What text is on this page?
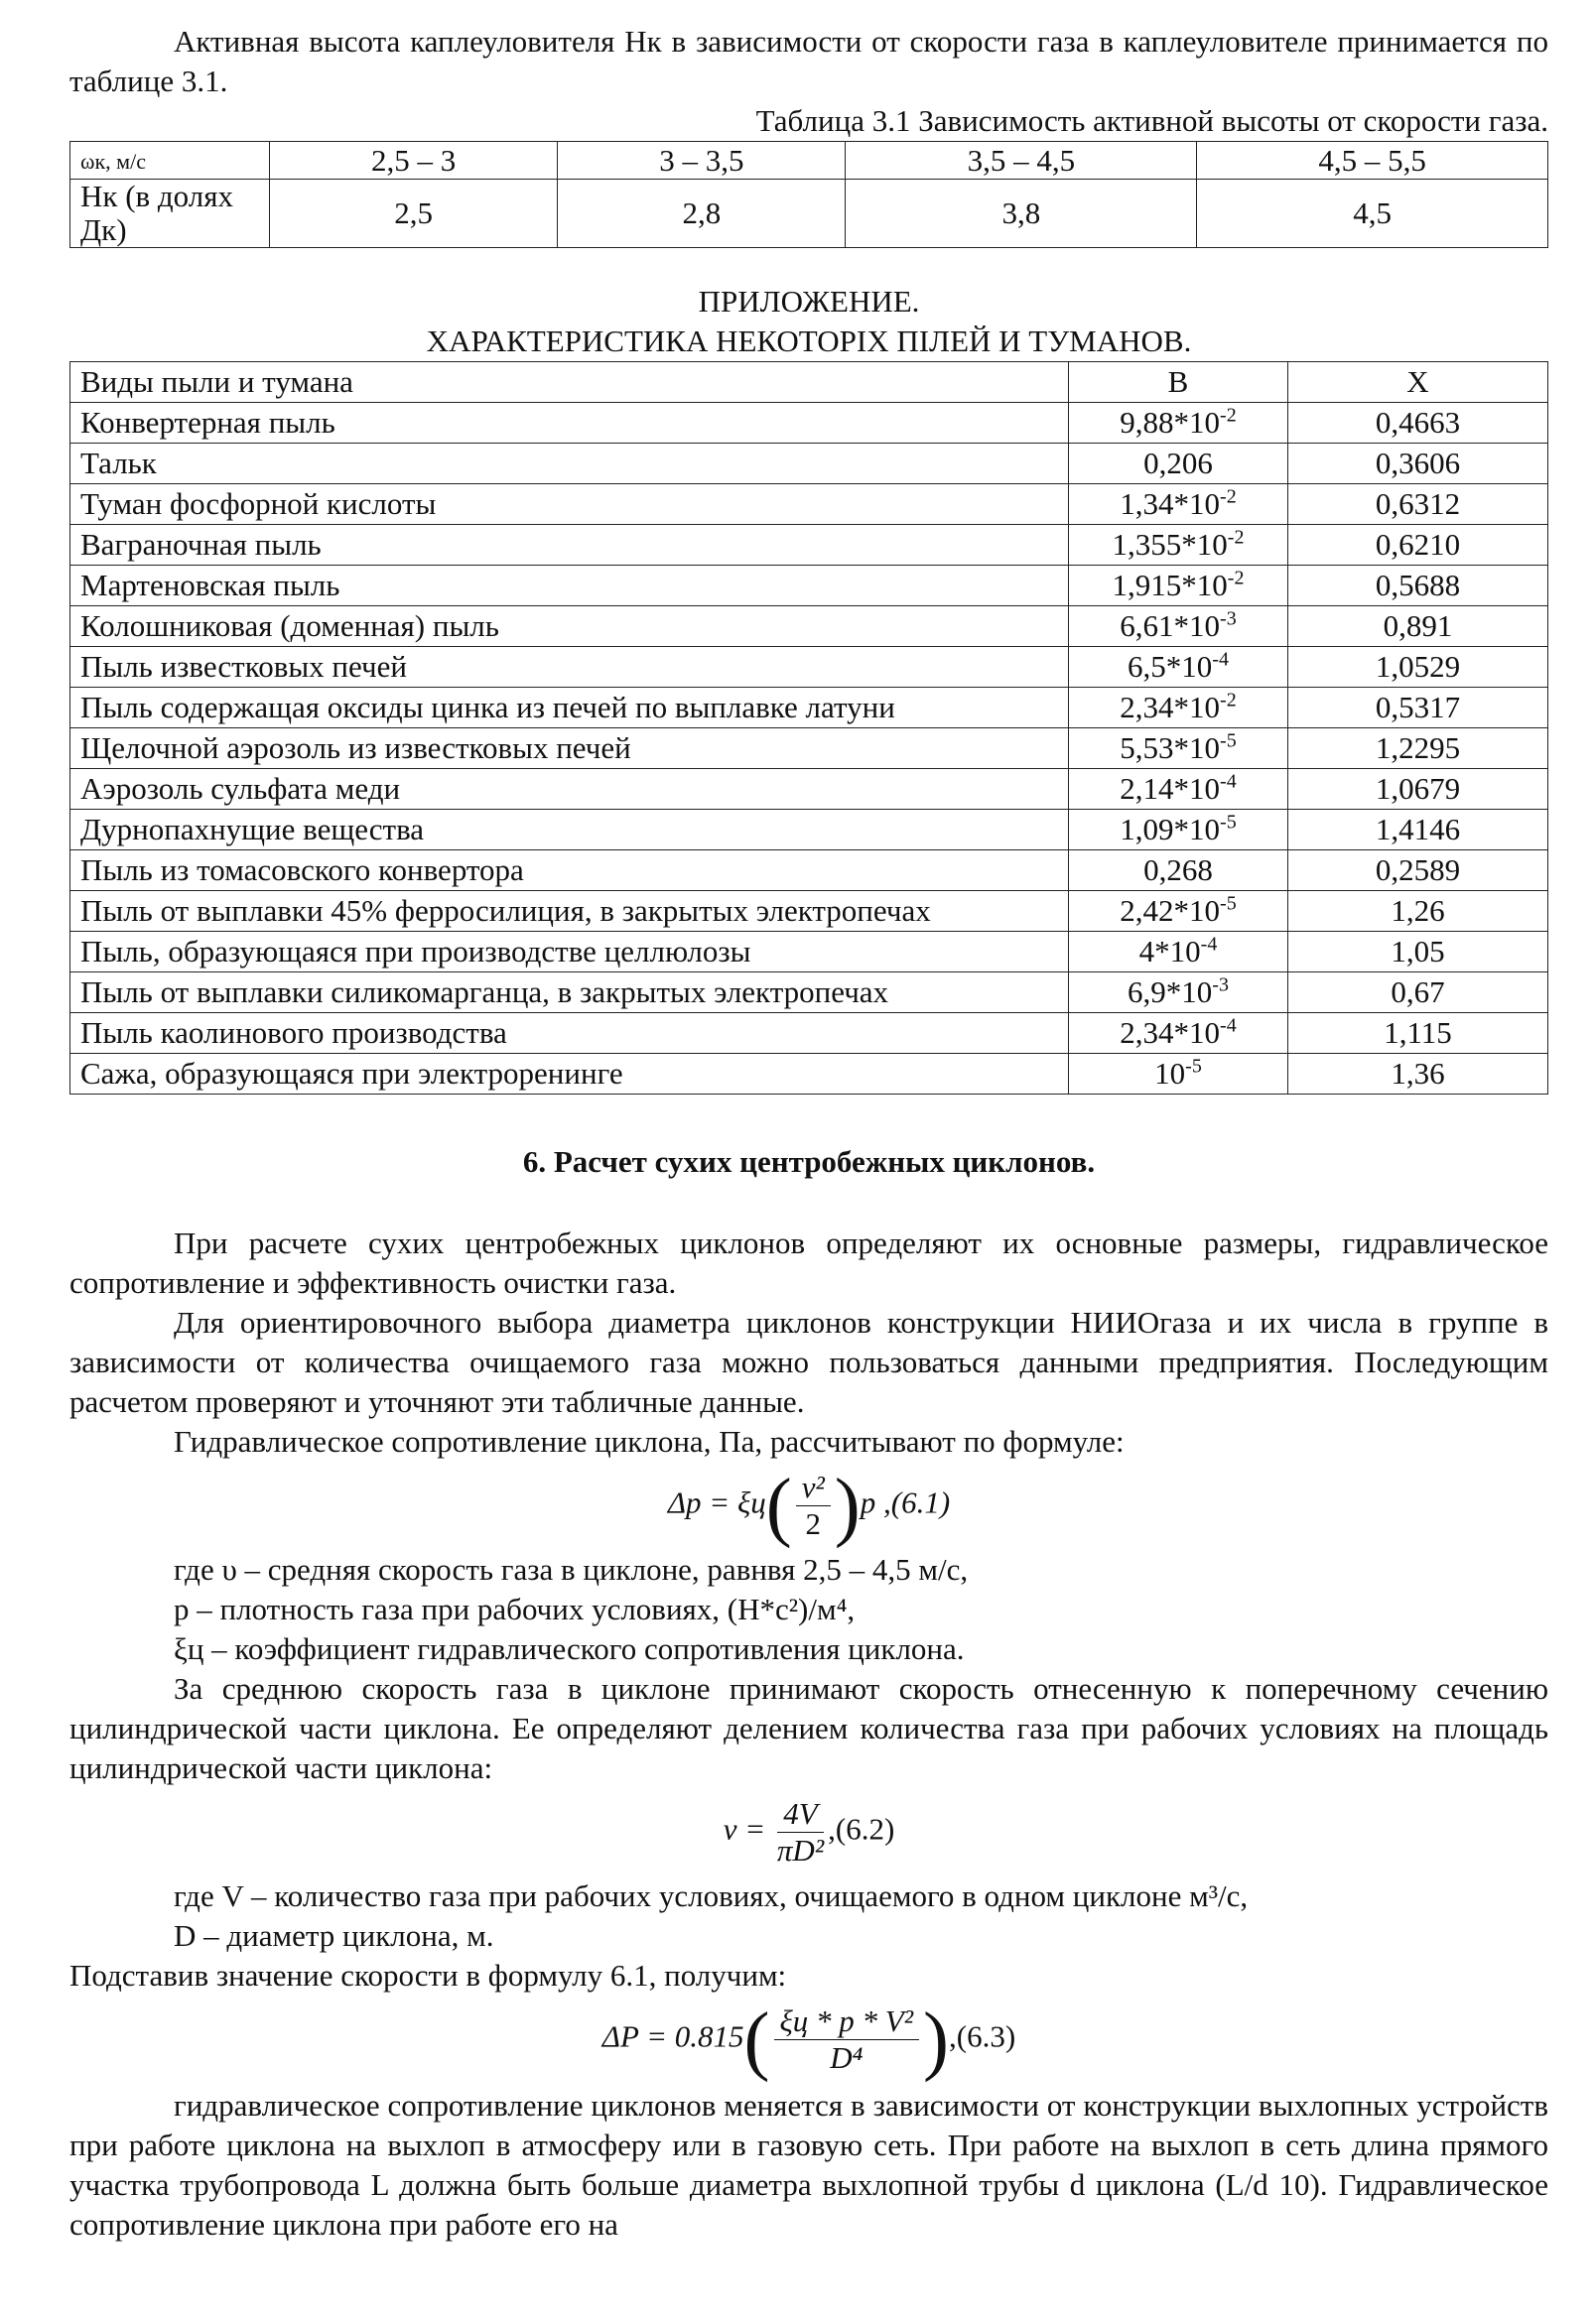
Активная высота каплеуловителя Нк в зависимости от скорости газа в каплеуловителе принимается по таблице 3.1.

Таблица 3.1 Зависимость активной высоты от скорости газа.

ωк, м/с	2,5 – 3	3 – 3,5	3,5 – 4,5	4,5 – 5,5
Нк (в долях Дк)	2,5	2,8	3,8	4,5

ПРИЛОЖЕНИЕ.

ХАРАКТЕРИСТИКА НЕКОТОРІХ ПІЛЕЙ И ТУМАНОВ.

Виды пыли и тумана	В	Х
Конвертерная пыль	$9,88*10^{-2}$	0,4663
Тальк	0,206	0,3606
Туман фосфорной кислоты	$1,34*10^{-2}$	0,6312
Ваграночная пыль	$1,355*10^{-2}$	0,6210
Мартеновская пыль	$1,915*10^{-2}$	0,5688
Колошниковая (доменная) пыль	$6,61*10^{-3}$	0,891
Пыль известковых печей	$6,5*10^{-4}$	1,0529
Пыль содержащая оксиды цинка из печей по выплавке латуни	$2,34*10^{-2}$	0,5317
Щелочной аэрозоль из известковых печей	$5,53*10^{-5}$	1,2295
Аэрозоль сульфата меди	$2,14*10^{-4}$	1,0679
Дурнопахнущие вещества	$1,09*10^{-5}$	1,4146
Пыль из томасовского конвертора	0,268	0,2589
Пыль от выплавки 45% ферросилиция, в закрытых электропечах	$2,42*10^{-5}$	1,26
Пыль, образующаяся при производстве целлюлозы	$4*10^{-4}$	1,05
Пыль от выплавки силикомарганца, в закрытых электропечах	$6,9*10^{-3}$	0,67
Пыль каолинового производства	$2,34*10^{-4}$	1,115
Сажа, образующаяся при электроренинге	$10^{-5}$	1,36

6. Расчет сухих центробежных циклонов.

При расчете сухих центробежных циклонов определяют их основные размеры, гидравлическое сопротивление и эффективность очистки газа.

Для ориентировочного выбора диаметра циклонов конструкции НИИОгаза и их числа в группе в зависимости от количества очищаемого газа можно пользоваться данными предприятия. Последующим расчетом проверяют и уточняют эти табличные данные.

Гидравлическое сопротивление циклона, Па, рассчитывают по формуле:

$\Delta p = \xi ц( \frac{\text{ν²}}{2} )p$ ,(6.1)

где υ – средняя скорость газа в циклоне, равнвя 2,5 – 4,5 м/с,

p – плотность газа при рабочих условиях, (Н*с²)/м⁴,

ξц – коэффициент гидравлического сопротивления циклона.

За среднюю скорость газа в циклоне принимают скорость отнесенную к поперечному сечению цилиндрической части циклона. Ее определяют делением количества газа при рабочих условиях на площадь цилиндрической части циклона:

$\nu = \frac{4V}{\text{πD²}} ,(6.2)$

где V – количество газа при рабочих условиях, очищаемого в одном циклоне м³/с,

D – диаметр циклона, м.

Подставив значение скорости в формулу 6.1, получим:

$\Delta P = 0.815( \frac{\text{ξц * p * V²}}{\text{D⁴}} ),(6.3)$

гидравлическое сопротивление циклонов меняется в зависимости от конструкции выхлопных устройств при работе циклона на выхлоп в атмосферу или в газовую сеть. При работе на выхлоп в сеть длина прямого участка трубопровода L должна быть больше диаметра выхлопной трубы d циклона (L/d 10). Гидравлическое сопротивление циклона при работе его на
